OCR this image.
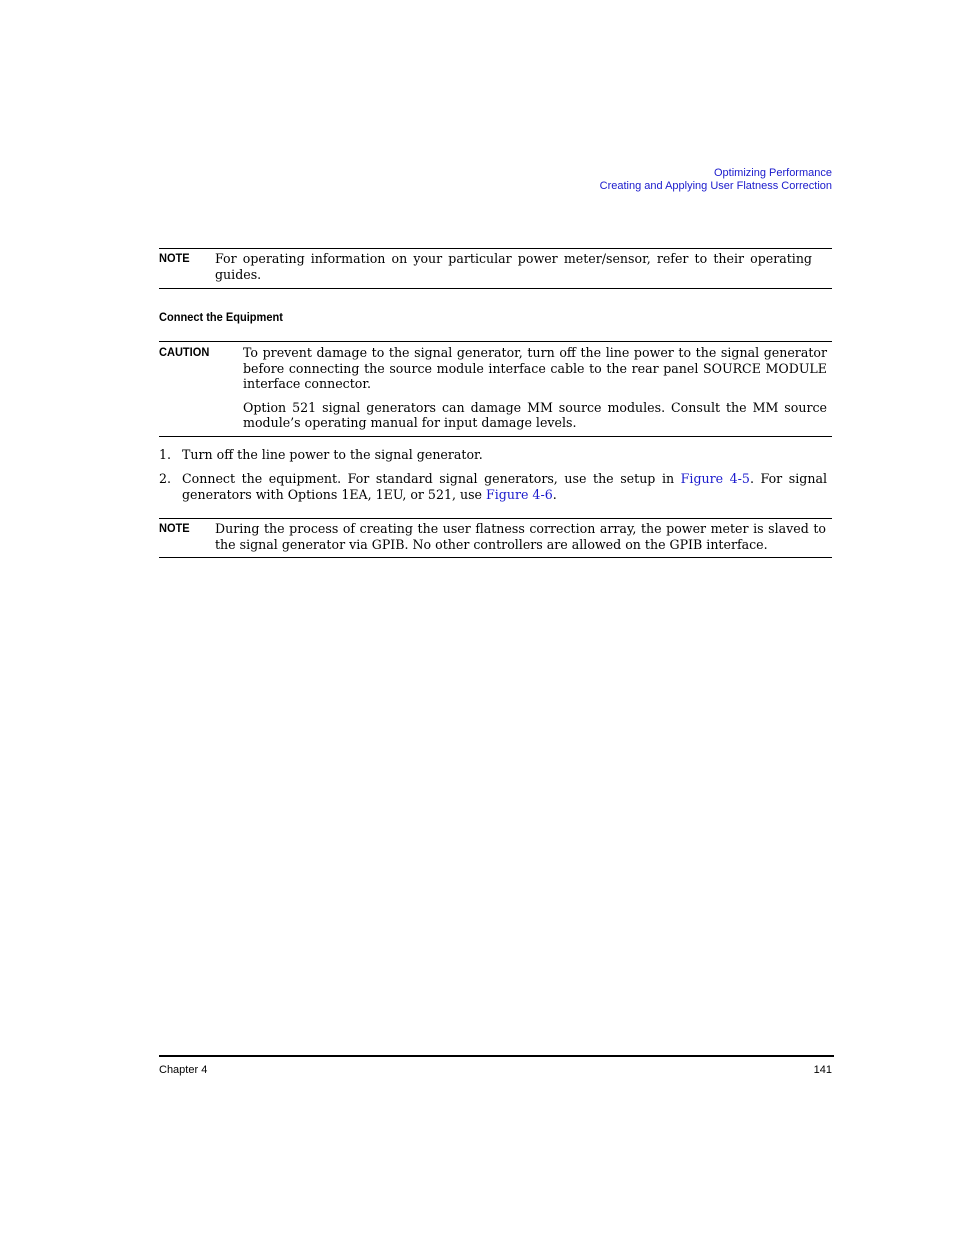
Optimizing Performance
Creating and Applying User Flatness Correction
NOTE For operating information on your particular power meter/sensor, refer to their operating guides.

Connect the Equipment
CAUTION	To prevent damage to the signal generator, turn off the line power to the signal generator before connecting the source module interface cable to the rear panel SOURCE MODULE interface connector.

Option 521 signal generators can damage MM source modules. Consult the MM source module’s operating manual for input damage levels.

1. Turn off the line power to the signal generator.
2. Connect the equipment. For standard signal generators, use the setup in Figure 4-5. For signal generators with Options 1EA, 1EU, or 521, use Figure 4-6.
NOTE During the process of creating the user flatness correction array, the power meter is slaved to the signal generator via GPIB. No other controllers are allowed on the GPIB interface.

Chapter 4	141
